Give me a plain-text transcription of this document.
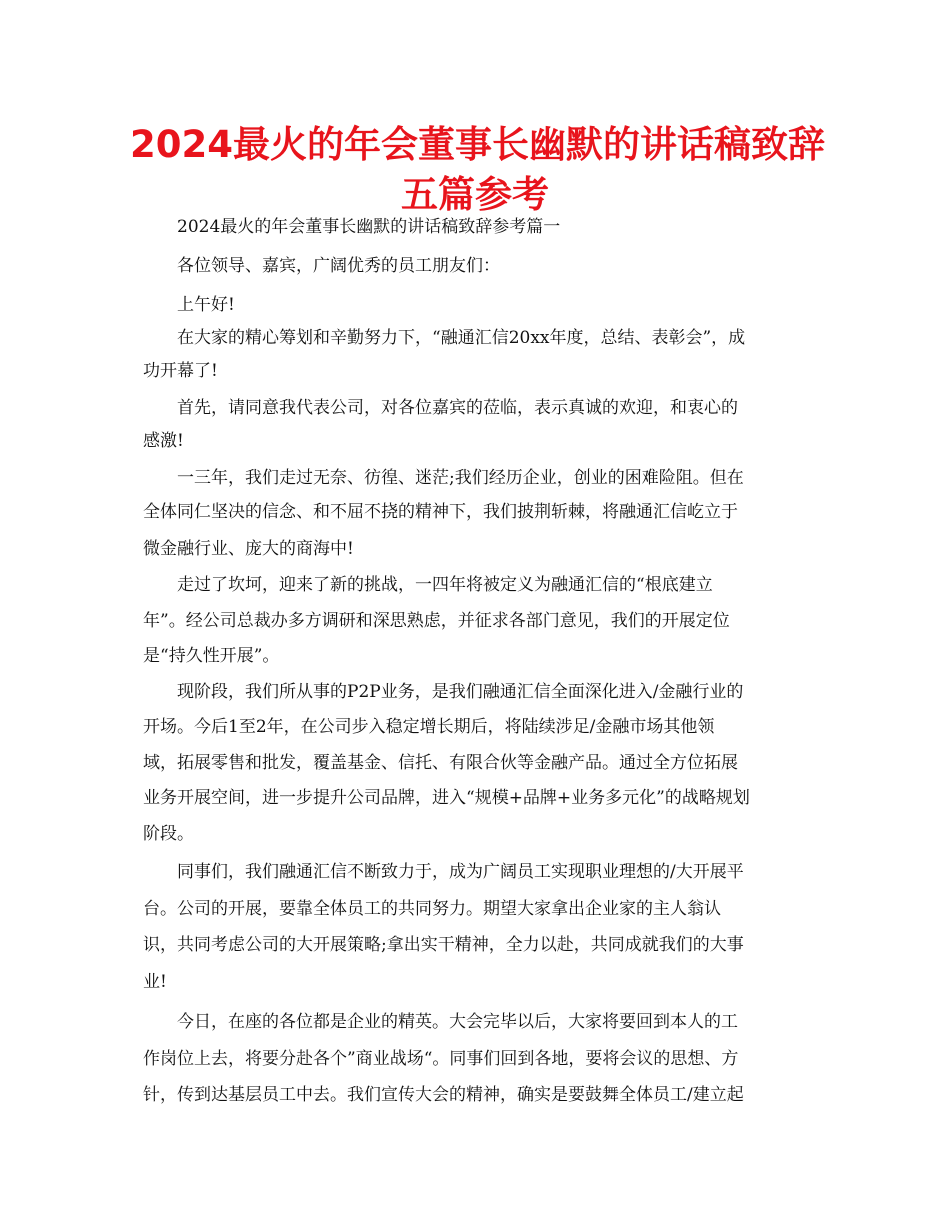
2024最火的年会董事长幽默的讲话稿致辞
五篇参考
2024最火的年会董事长幽默的讲话稿致辞参考篇一
各位领导、嘉宾，广阔优秀的员工朋友们：
上午好!
在大家的精心筹划和辛勤努力下，“融通汇信20xx年度，总结、表彰会”，成
功开幕了!
首先，请同意我代表公司，对各位嘉宾的莅临，表示真诚的欢迎，和衷心的
感激!
一三年，我们走过无奈、彷徨、迷茫;我们经历企业，创业的困难险阻。但在
全体同仁坚决的信念、和不屈不挠的精神下，我们披荆斩棘，将融通汇信屹立于
微金融行业、庞大的商海中!
走过了坎坷，迎来了新的挑战，一四年将被定义为融通汇信的“根底建立
年”。经公司总裁办多方调研和深思熟虑，并征求各部门意见，我们的开展定位
是“持久性开展”。
现阶段，我们所从事的P2P业务，是我们融通汇信全面深化进入/金融行业的
开场。今后1至2年，在公司步入稳定增长期后，将陆续涉足/金融市场其他领
域，拓展零售和批发，覆盖基金、信托、有限合伙等金融产品。通过全方位拓展
业务开展空间，进一步提升公司品牌，进入“规模+品牌+业务多元化”的战略规划
阶段。
同事们，我们融通汇信不断致力于，成为广阔员工实现职业理想的/大开展平
台。公司的开展，要靠全体员工的共同努力。期望大家拿出企业家的主人翁认
识，共同考虑公司的大开展策略;拿出实干精神，全力以赴，共同成就我们的大事
业!
今日，在座的各位都是企业的精英。大会完毕以后，大家将要回到本人的工
作岗位上去，将要分赴各个”商业战场“。同事们回到各地，要将会议的思想、方
针，传到达基层员工中去。我们宣传大会的精神，确实是要鼓舞全体员工/建立起
